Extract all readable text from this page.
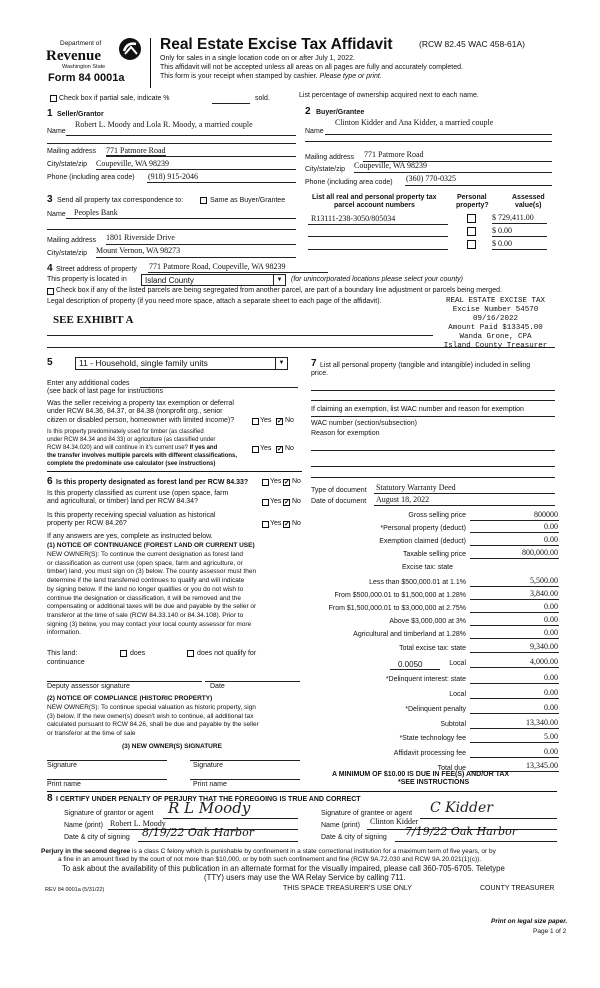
Department of
Revenue
Washington State
Form 84 0001a
Real Estate Excise Tax Affidavit	(RCW 82.45 WAC 458-61A)
Only for sales in a single location code on or after July 1, 2022.
This affidavit will not be accepted unless all areas on all pages are fully and accurately completed.
This form is your receipt when stamped by cashier. Please type or print.
Check box if partial sale, indicate %	sold.	List percentage of ownership acquired next to each name.
1 Seller/Grantor
Name
Robert L. Moody and Lola R. Moody, a married couple
Mailing address 771 Patmore Road
City/state/zip Coupeville, WA 98239
Phone (including area code) (918) 915-2046
2 Buyer/Grantee
Name
Clinton Kidder and Ana Kidder, a married couple
Mailing address 771 Patmore Road
City/state/zip Coupeville, WA 98239
Phone (including area code) (360) 770-0325
3 Send all property tax correspondence to:	Same as Buyer/Grantee
Name Peoples Bank
Mailing address 1801 Riverside Drive
City/state/zip Mount Vernon, WA 98273
List all real and personal property tax
parcel account numbers
Personal
property?
Assessed
value(s)
R13111-238-3050/805034	$ 729,411.00
$ 0.00
$ 0.00
4 Street address of property 771 Patmore Road, Coupeville, WA 98239
This property is located in Island County	▼	(for unincorporated locations please select your county)
Check box if any of the listed parcels are being segregated from another parcel, are part of a boundary line adjustment or parcels being merged.
Legal description of property (if you need more space, attach a separate sheet to each page of the affidavit).
SEE EXHIBIT A
REAL ESTATE EXCISE TAX
Excise Number 54570
09/16/2022
Amount Paid $13345.00
Wanda Grone, CPA
Island County Treasurer
5	11 - Household, single family units	▼
Enter any additional codes
(see back of last page for instructions
Was the seller receiving a property tax exemption or deferral
under RCW 84.36, 84.37, or 84.38 (nonprofit org., senior
citizen or disabled person, homeowner with limited income)?	Yes ✓ No
Is this property predominately used for timber (as classified
under RCW 84.34 and 84.33) or agriculture (as classified under
RCW 84.34.020) and will continue in it's current use? If yes and
the transfer involves multiple parcels with different classifications,
complete the predominate use calculator (see instructions)
Yes ✓ No
6 Is this property designated as forest land per RCW 84.33?	Yes ✓ No
Is this property classified as current use (open space, farm
and agricultural, or timber) land per RCW 84.34?	Yes ✓ No
Is this property receiving special valuation as historical
property per RCW 84.26?	Yes ✓ No
If any answers are yes, complete as instructed below.
(1) NOTICE OF CONTINUANCE (FOREST LAND OR CURRENT USE)
NEW OWNER(S): To continue the current designation as forest land
or classification as current use (open space, farm and agriculture, or
timber) land, you must sign on (3) below. The county assessor must then
determine if the land transferred continues to qualify and will indicate
by signing below. If the land no longer qualifies or you do not wish to
continue the designation or classification, it will be removed and the
compensating or additional taxes will be due and payable by the seller or
transferor at the time of sale (RCW 84.33.140 or 84.34.108). Prior to
signing (3) below, you may contact your local county assessor for more
information.
This land:	does	does not qualify for
continuance
Deputy assessor signature	Date
(2) NOTICE OF COMPLIANCE (HISTORIC PROPERTY)
NEW OWNER(S): To continue special valuation as historic property, sign
(3) below. If the new owner(s) doesn't wish to continue, all additional tax
calculated pursuant to RCW 84.26, shall be due and payable by the seller
or transferor at the time of sale
(3) NEW OWNER(S) SIGNATURE
Signature	Signature
Print name	Print name
7 List all personal property (tangible and intangible) included in selling
price.
If claiming an exemption, list WAC number and reason for exemption
WAC number (section/subsection)
Reason for exemption
Type of document Statutory Warranty Deed
Date of document August 18, 2022
Gross selling price	800000
*Personal property (deduct)	0.00
Exemption claimed (deduct)	0.00
Taxable selling price	800,000.00
Excise tax: state
Less than $500,000.01 at 1.1%	5,500.00
From $500,000.01 to $1,500,000 at 1.28%	3,840.00
From $1,500,000.01 to $3,000,000 at 2.75%	0.00
Above $3,000,000 at 3%	0.00
Agricultural and timberland at 1.28%	0.00
Total excise tax: state	9,340.00
0.0050	Local	4,000.00
*Delinquent interest: state	0.00
Local	0.00
*Delinquent penalty	0.00
Subtotal	13,340.00
*State technology fee	5.00
Affidavit processing fee	0.00
Total due	13,345.00
A MINIMUM OF $10.00 IS DUE IN FEE(S) AND/OR TAX
*SEE INSTRUCTIONS
8 I CERTIFY UNDER PENALTY OF PERJURY THAT THE FOREGOING IS TRUE AND CORRECT
Signature of grantor or agent R L Moody
Name (print) Robert L. Moody
Date & city of signing 8/19/22 Oak Harbor
Signature of grantee or agent C Kidder
Name (print) Clinton Kidder
Date & city of signing 7/19/22 Oak Harbor
Perjury in the second degree is a class C felony which is punishable by confinement in a state correctional institution for a maximum term of five years, or by
a fine in an amount fixed by the court of not more than $10,000, or by both such confinement and fine (RCW 9A.72.030 and RCW 9A.20.021(1)(c)).
To ask about the availability of this publication in an alternate format for the visually impaired, please call 360-705-6705. Teletype
(TTY) users may use the WA Relay Service by calling 711.
REV 84 0001a (5/31/22)	THIS SPACE TREASURER'S USE ONLY	COUNTY TREASURER
Print on legal size paper.
Page 1 of 2
